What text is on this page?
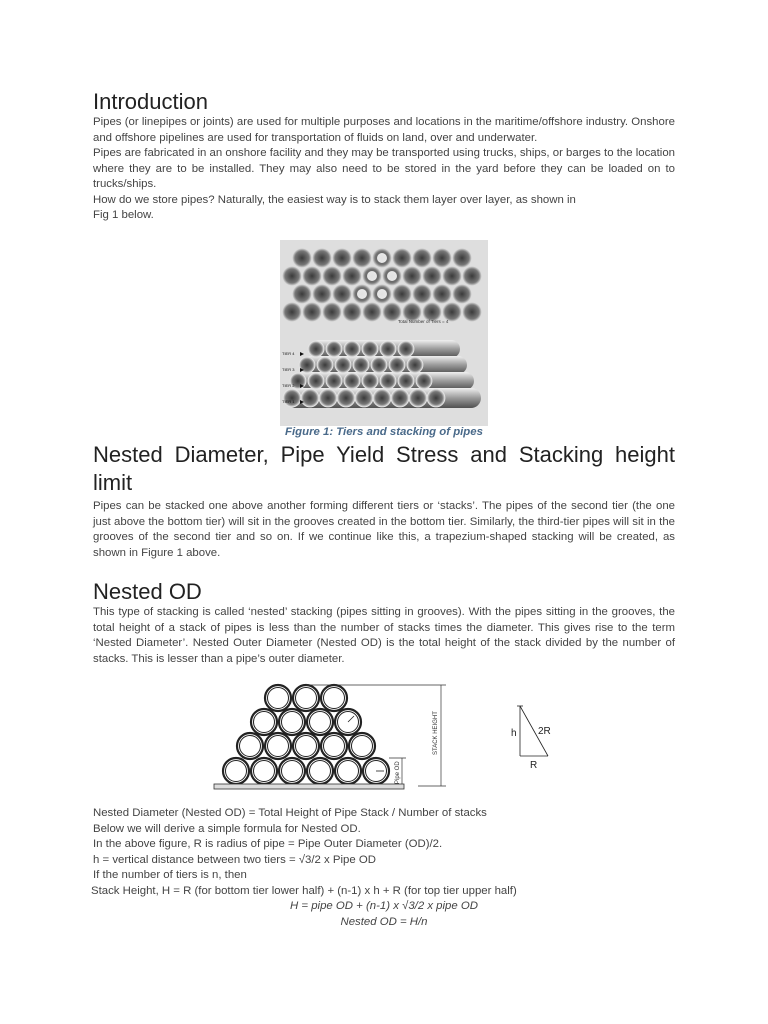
Introduction

Pipes (or linepipes or joints) are used for multiple purposes and locations in the maritime/offshore industry. Onshore and offshore pipelines are used for transportation of fluids on land, over and underwater.

Pipes are fabricated in an onshore facility and they may be transported using trucks, ships, or barges to the location where they are to be installed. They may also need to be stored in the yard before they can be loaded on to trucks/ships.

How do we store pipes? Naturally, the easiest way is to stack them layer over layer, as shown in

Fig 1 below.

Total Number of Tiers = 4
TIER 4
TIER 3
TIER 2
TIER 1
Figure 1: Tiers and stacking of pipes
Nested Diameter, Pipe Yield Stress and Stacking height limit

Pipes can be stacked one above another forming different tiers or ‘stacks’. The pipes of the second tier (the one just above the bottom tier) will sit in the grooves created in the bottom tier. Similarly, the third-tier pipes will sit in the grooves of the second tier and so on. If we continue like this, a trapezium-shaped stacking will be created, as shown in Figure 1 above.

Nested OD

This type of stacking is called ‘nested’ stacking (pipes sitting in grooves). With the pipes sitting in the grooves, the total height of a stack of pipes is less than the number of stacks times the diameter. This gives rise to the term ‘Nested Diameter’. Nested Outer Diameter (Nested OD) is the total height of the stack divided by the number of stacks. This is lesser than a pipe’s outer diameter.

STACK HEIGHT
Pipe OD
h 2R
R
Nested Diameter (Nested OD) = Total Height of Pipe Stack / Number of stacks
Below we will derive a simple formula for Nested OD.
In the above figure, R is radius of pipe = Pipe Outer Diameter (OD)/2.
h = vertical distance between two tiers = √3/2 x Pipe OD
If the number of tiers is n, then
Stack Height, H = R (for bottom tier lower half) + (n-1) x h + R (for top tier upper half)
H = pipe OD + (n-1) x √3/2 x pipe OD
Nested OD = H/n
